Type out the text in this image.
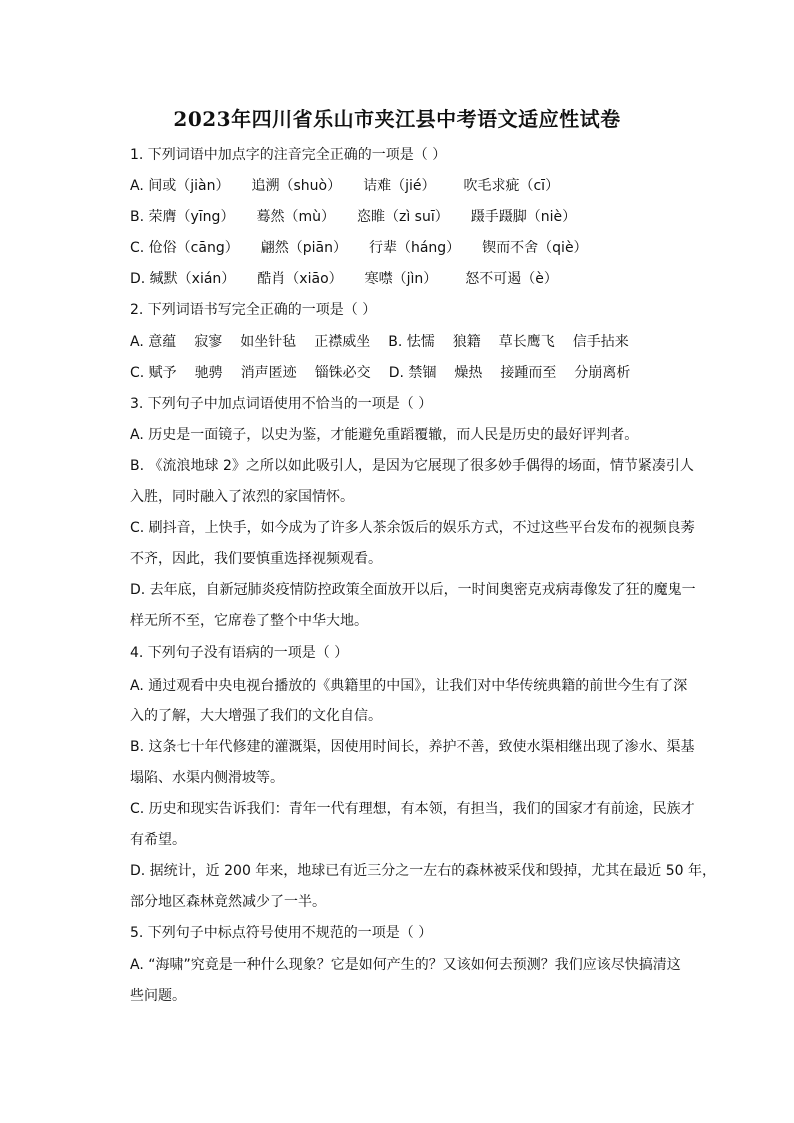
2023年四川省乐山市夹江县中考语文适应性试卷
1. 下列词语中加点字的注音完全正确的一项是（ ）
A. 间或（jiàn） 追溯（shuò） 诘难（jié） 吹毛求疵（cī）
B. 荣膺（yīng） 蓦然（mù） 恣睢（zì suī） 蹑手蹑脚（niè）
C. 伧俗（cāng） 翩然（piān） 行辈（háng） 锲而不舍（qiè）
D. 缄默（xián） 酷肖（xiāo） 寒噤（jìn） 怒不可遏（è）
2. 下列词语书写完全正确的一项是（ ）
A. 意蕴 寂寥 如坐针毡 正襟威坐 B. 怯懦 狼籍 草长鹰飞 信手拈来
C. 赋予 驰骋 消声匿迹 锱铢必交 D. 禁锢 燥热 接踵而至 分崩离析
3. 下列句子中加点词语使用不恰当的一项是（ ）
A. 历史是一面镜子，以史为鉴，才能避免重蹈覆辙，而人民是历史的最好评判者。
B. 《流浪地球 2》之所以如此吸引人，是因为它展现了很多妙手偶得的场面，情节紧凑引人
入胜，同时融入了浓烈的家国情怀。
C. 刷抖音，上快手，如今成为了许多人茶余饭后的娱乐方式，不过这些平台发布的视频良莠
不齐，因此，我们要慎重选择视频观看。
D. 去年底，自新冠肺炎疫情防控政策全面放开以后，一时间奥密克戎病毒像发了狂的魔鬼一
样无所不至，它席卷了整个中华大地。
4. 下列句子没有语病的一项是（ ）
A. 通过观看中央电视台播放的《典籍里的中国》，让我们对中华传统典籍的前世今生有了深
入的了解，大大增强了我们的文化自信。
B. 这条七十年代修建的灌溉渠，因使用时间长，养护不善，致使水渠相继出现了渗水、渠基
塌陷、水渠内侧滑坡等。
C. 历史和现实告诉我们：青年一代有理想，有本领，有担当，我们的国家才有前途，民族才
有希望。
D. 据统计，近 200 年来，地球已有近三分之一左右的森林被采伐和毁掉，尤其在最近 50 年，
部分地区森林竟然减少了一半。
5. 下列句子中标点符号使用不规范的一项是（ ）
A. “海啸”究竟是一种什么现象？它是如何产生的？又该如何去预测？我们应该尽快搞清这
些问题。
